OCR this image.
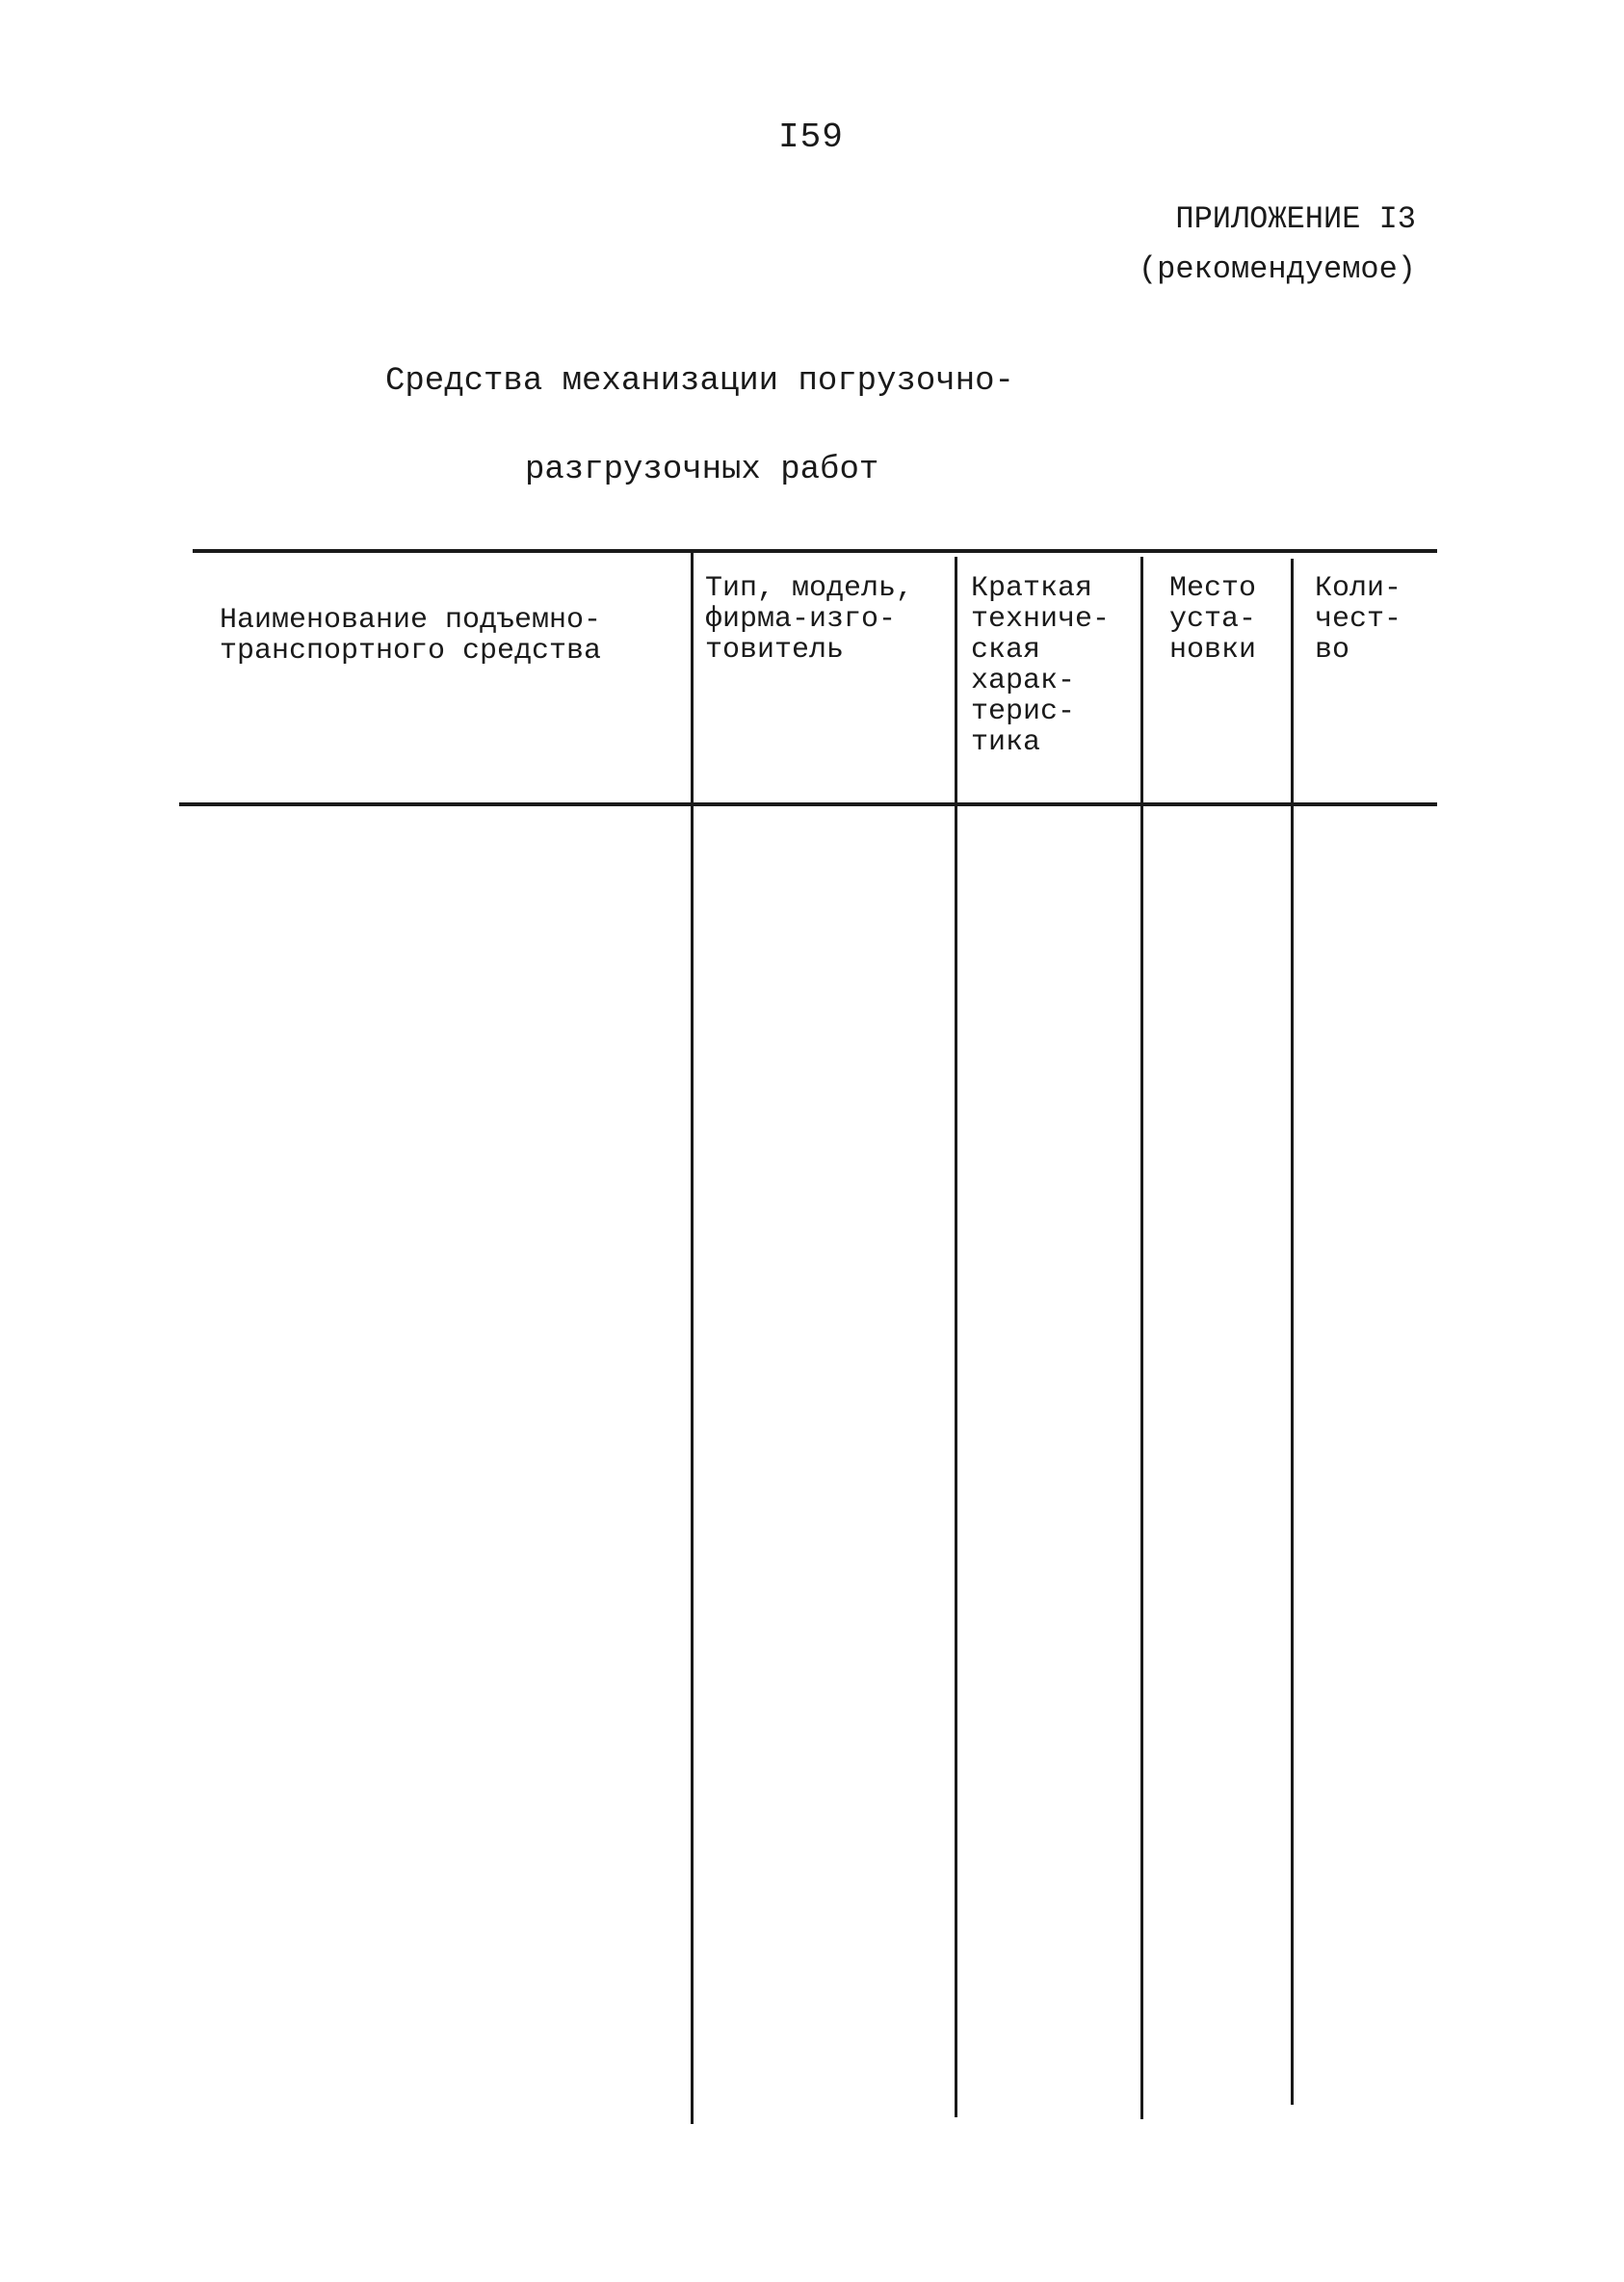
I59
ПРИЛОЖЕНИЕ I3
(рекомендуемое)
Средства механизации погрузочно-
разгрузочных работ
Наименование подъемно-
транспортного средства
Тип, модель,
фирма-изго-
товитель
Краткая
техниче-
ская
харак-
терис-
тика
Место
уста-
новки
Коли-
чест-
во
